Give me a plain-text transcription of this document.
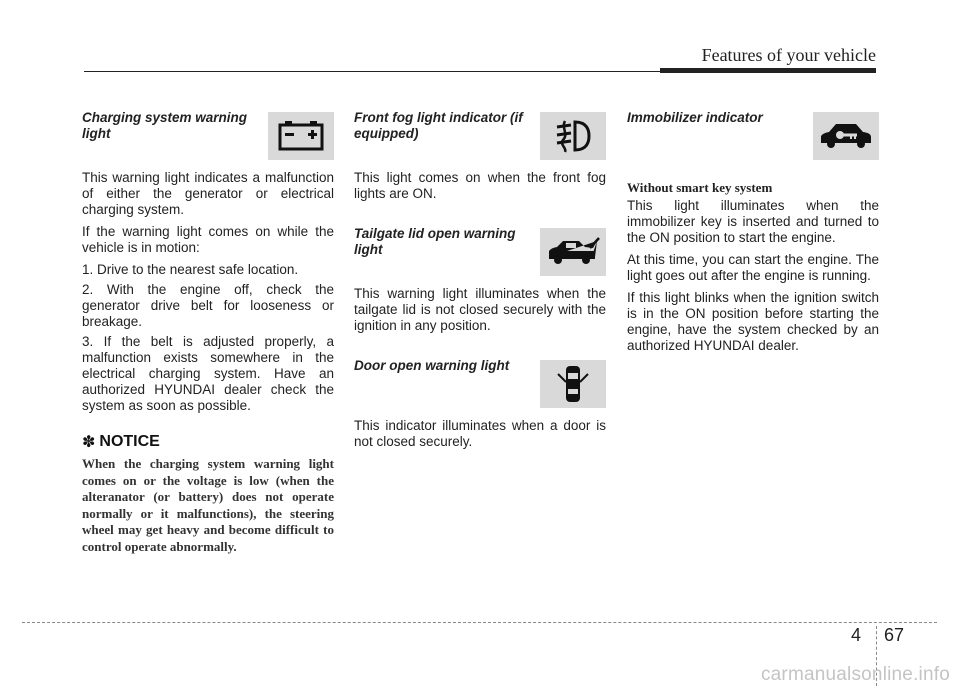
Features of your vehicle

Charging system warning light

This warning light indicates a malfunction of either the generator or electrical charging system.

If the warning light comes on while the vehicle is in motion:

1. Drive to the nearest safe location.
2. With the engine off, check the generator drive belt for looseness or breakage.
3. If the belt is adjusted properly, a malfunction exists somewhere in the electrical charging system. Have an authorized HYUNDAI dealer check the system as soon as possible.
✽ NOTICE

When the charging system warning light comes on or the voltage is low (when the alteranator (or battery) does not operate normally or it malfunctions), the steering wheel may get heavy and become difficult to control operate abnormally.

Front fog light indicator (if equipped)

This light comes on when the front fog lights are ON.

Tailgate lid open warning light

This warning light illuminates when the tailgate lid is not closed securely with the ignition in any position.

Door open warning light

This indicator illuminates when a door is not closed securely.

Immobilizer indicator

Without smart key system

This light illuminates when the immobilizer key is inserted and turned to the ON position to start the engine.

At this time, you can start the engine. The light goes out after the engine is running.

If this light blinks when the ignition switch is in the ON position before starting the engine, have the system checked by an authorized HYUNDAI dealer.

4 67
carmanualsonline.info
